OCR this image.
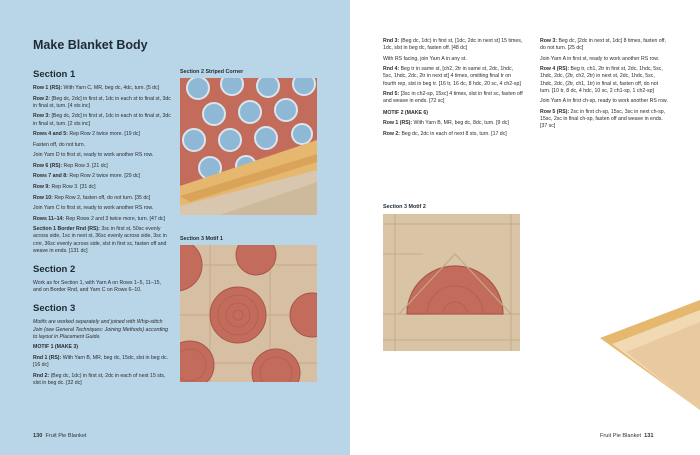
Make Blanket Body
Section 1

Row 1 (RS): With Yarn C, MR, beg dc, 4dc, turn. [5 dc]

Row 2: [Beg dc, 2dc] in first st, 1dc in each st to final st, 3dc in final st, turn. [4 sts inc]

Row 3: [Beg dc, 2dc] in first st, 1dc in each st to final st, 3dc in final st, turn. [2 sts inc]

Rows 4 and 5: Rep Row 2 twice more. [19 dc]

Fasten off, do not turn.

Join Yarn D to first st, ready to work another RS row.

Row 6 (RS): Rep Row 3. [21 dc]

Rows 7 and 8: Rep Row 2 twice more. [29 dc]

Row 9: Rep Row 3. [31 dc]

Row 10: Rep Row 2, fasten off, do not turn. [35 dc]

Join Yarn C to first st, ready to work another RS row.

Rows 11–14: Rep Rows 2 and 3 twice more, turn. [47 dc]

Section 1 Border Rnd (RS): 3sc in first st, 50sc evenly across side, 1sc in next st, 36sc evenly across side, 3sc in crnr, 36sc evenly across side, slst in first sc, fasten off and weave in ends. [131 dc]

Section 2

Work as for Section 1, with Yarn A on Rows 1–5, 11–15, and on Border Rnd, and Yarn C on Rows 6–10.

Section 3

Motifs are worked separately and joined with Whip-stitch Join (see General Techniques: Joining Methods) according to layout in Placement Guide.

MOTIF 1 (MAKE 3)

Rnd 1 (RS): With Yarn B, MR, beg dc, 15dc, slst in beg dc. [16 dc]

Rnd 2: (Beg dc, 1dc) in first st, 2dc in each of next 15 sts, slst in beg dc. [32 dc]

Section 2 Striped Corner
Section 3 Motif 1
130 Fruit Pie Blanket

Rnd 3: (Beg dc, 1dc) in first st, [1dc, 2dc in next st] 15 times, 1dc, slst in beg dc, fasten off. [48 dc]

With RS facing, join Yarn A in any st.

Rnd 4: Beg tr in same st, [ch2, 2tr in same st, 2dc, 1hdc, 5sc, 1hdc, 2dc, 2tr in next st] 4 times, omitting final tr on fourth rep, slst in beg tr. [16 tr, 16 dc, 8 hdc, 20 sc, 4 ch2-sp]

Rnd 5: [3sc in ch2-sp, 15sc] 4 times, slst in first sc, fasten off and weave in ends. [72 sc]

MOTIF 2 (MAKE 6)

Row 1 (RS): With Yarn B, MR, beg dc, 8dc, turn. [9 dc]

Row 2: Beg dc, 2dc in each of next 8 sts, turn. [17 dc]

Row 3: Beg dc, [2dc in next st, 1dc] 8 times, fasten off, do not turn. [25 dc]

Join Yarn A in first st, ready to work another RS row.

Row 4 (RS): Beg tr, ch1, 2tr in first st, 2dc, 1hdc, 5sc, 1hdc, 2dc, (2tr, ch2, 2tr) in next st, 2dc, 1hdc, 5sc, 1hdc, 2dc, (2tr, ch1, 1tr) in final st, fasten off, do not turn. [10 tr, 8 dc, 4 hdc, 10 sc, 2 ch1-sp, 1 ch2-sp]

Join Yarn A in first ch-sp, ready to work another RS row.

Row 5 (RS): 2sc in first ch-sp, 15sc, 3sc in next ch-sp, 15sc, 2sc in final ch-sp, fasten off and weave in ends. [37 sc]

Section 3 Motif 2
Fruit Pie Blanket 131
